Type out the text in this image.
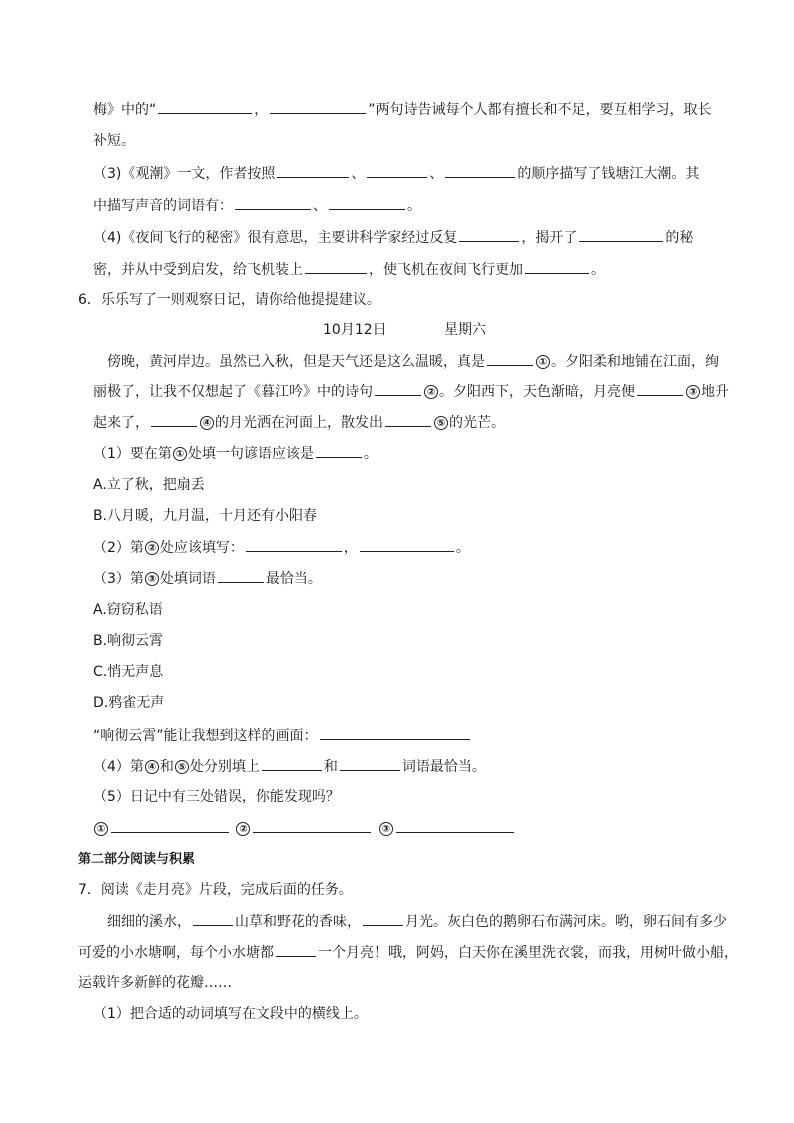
梅》中的“	，	”两句诗告诫每个人都有擅长和不足，要互相学习，取长
补短。
（3)《观潮》一文，作者按照	、	、	的顺序描写了钱塘江大潮。其
中描写声音的词语有：	、	。
（4)《夜间飞行的秘密》很有意思，主要讲科学家经过反复	，揭开了	的秘
密，并从中受到启发，给飞机装上	，使飞机在夜间飞行更加	。
6．乐乐写了一则观察日记，请你给他提提建议。
10月12日	星期六
傍晚，黄河岸边。虽然已入秋，但是天气还是这么温暖，真是	① 。夕阳柔和地铺在江面，绚
丽极了，让我不仅想起了《暮江吟》中的诗句	② 。夕阳西下，天色渐暗，月亮便	③ 地升
起来了，	④ 的月光洒在河面上，散发出	⑤ 的光芒。
（1）要在第 ① 处填一句谚语应该是	。
A.立了秋，把扇丢
B.八月暖，九月温，十月还有小阳春
（2）第 ② 处应该填写：	，	。
（3）第 ③ 处填词语	最恰当。
A.窃窃私语
B.响彻云霄
C.悄无声息
D.鸦雀无声
“响彻云霄”能让我想到这样的画面：
（4）第 ④ 和 ⑤ 处分别填上	和	词语最恰当。
（5）日记中有三处错误，你能发现吗？
①	②	③
第二部分阅读与积累
7．阅读《走月亮》片段，完成后面的任务。
细细的溪水，	山草和野花的香味，	月光。灰白色的鹅卵石布满河床。哟，卵石间有多少
可爱的小水塘啊，每个小水塘都	一个月亮！哦，阿妈，白天你在溪里洗衣裳，而我，用树叶做小船，
运载许多新鲜的花瓣……
（1）把合适的动词填写在文段中的横线上。
